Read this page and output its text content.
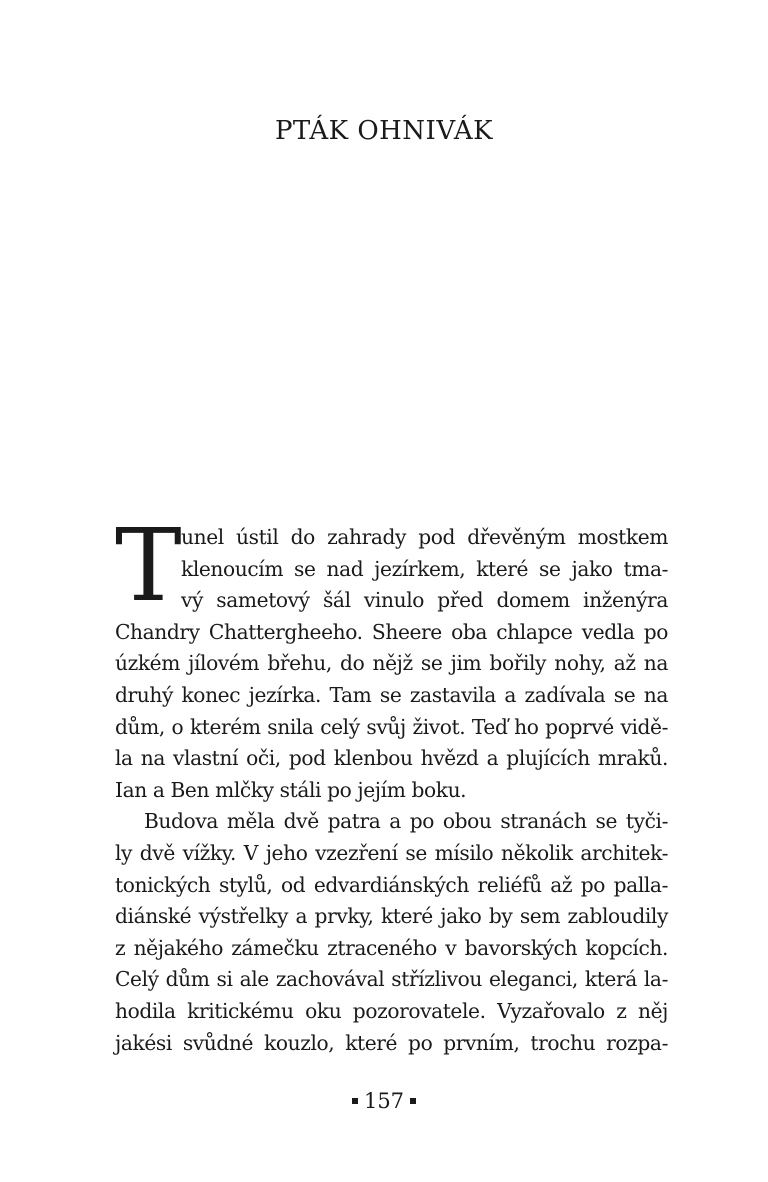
PTÁK OHNIVÁK
T unel ústil do zahrady pod dřevěným mostkem
klenoucím se nad jezírkem, které se jako tma-
vý sametový šál vinulo před domem inženýra
Chandry Chattergheeho. Sheere oba chlapce vedla po
úzkém jílovém břehu, do nějž se jim bořily nohy, až na
druhý konec jezírka. Tam se zastavila a zadívala se na
dům, o kterém snila celý svůj život. Teď ho poprvé vidě-
la na vlastní oči, pod klenbou hvězd a plujících mraků.
Ian a Ben mlčky stáli po jejím boku.
Budova měla dvě patra a po obou stranách se tyči-
ly dvě vížky. V jeho vzezření se mísilo několik architek-
tonických stylů, od edvardiánských reliéfů až po palla-
diánské výstřelky a prvky, které jako by sem zabloudily
z nějakého zámečku ztraceného v bavorských kopcích.
Celý dům si ale zachovával střízlivou eleganci, která la-
hodila kritickému oku pozorovatele. Vyzařovalo z něj
jakési svůdné kouzlo, které po prvním, trochu rozpa-
157
